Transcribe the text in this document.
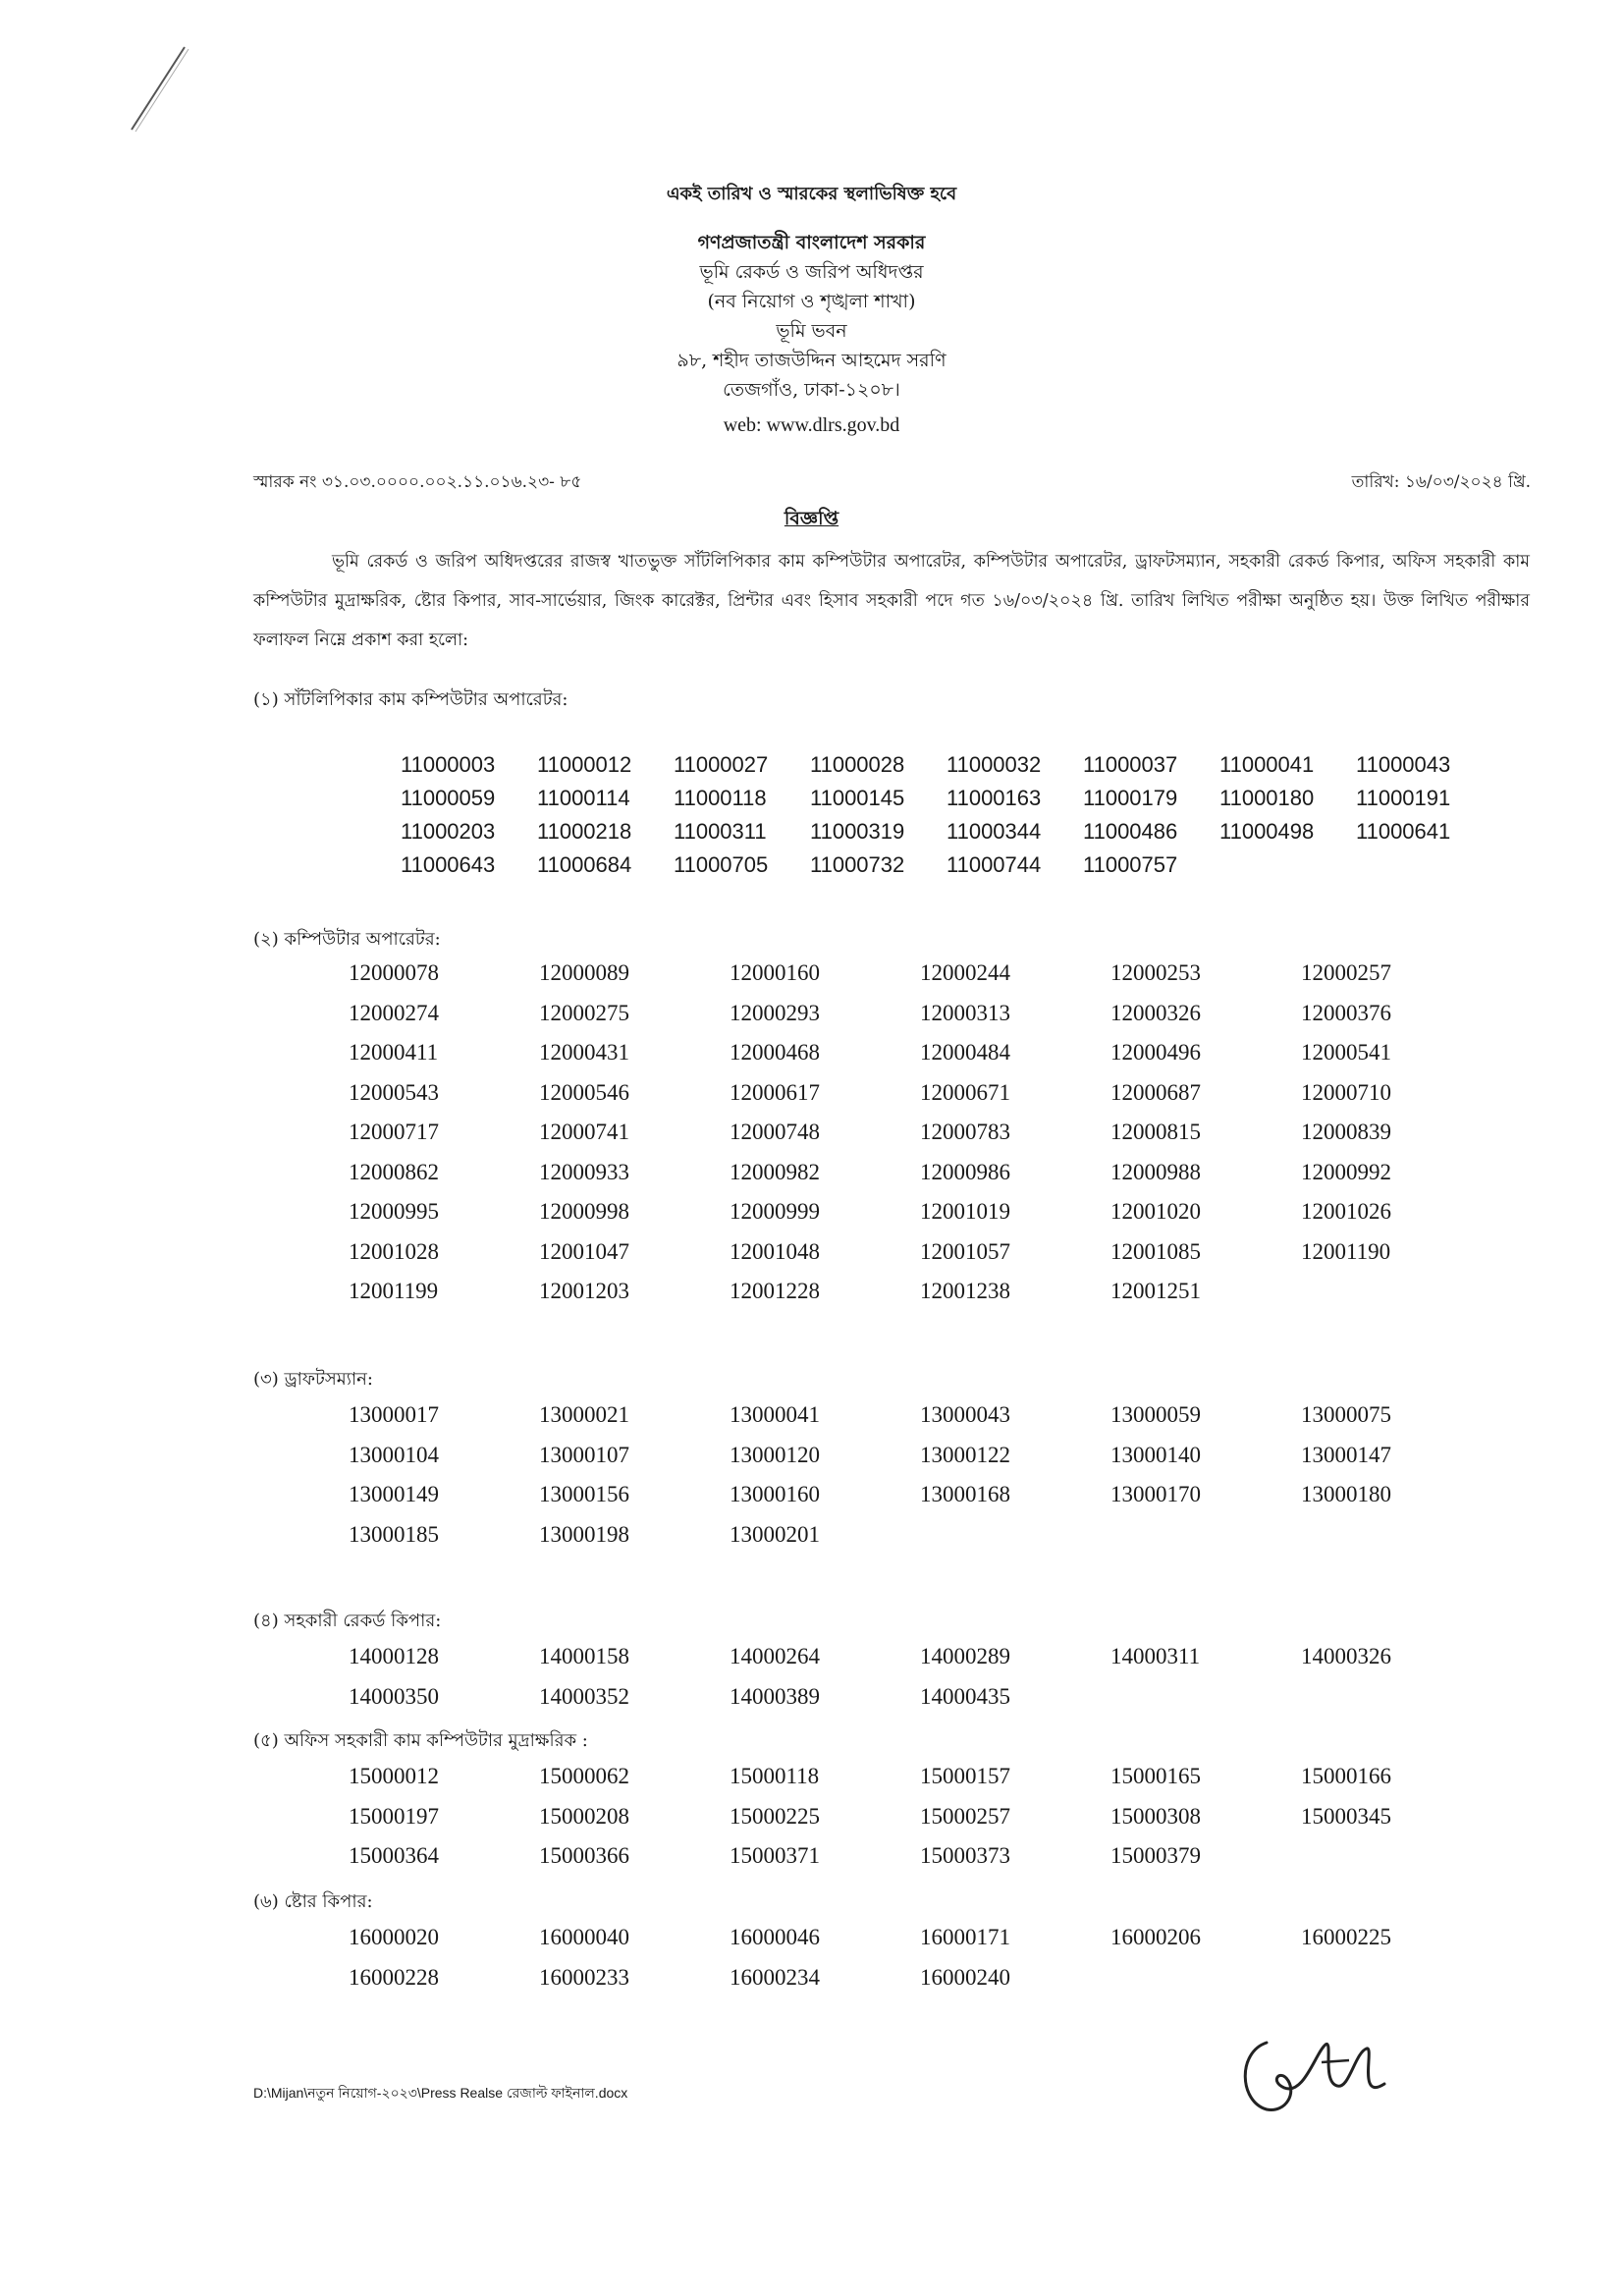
একই তারিখ ও স্মারকের স্থলাভিষিক্ত হবে
গণপ্রজাতন্ত্রী বাংলাদেশ সরকার
ভূমি রেকর্ড ও জরিপ অধিদপ্তর
(নব নিয়োগ ও শৃঙ্খলা শাখা)
ভূমি ভবন
৯৮, শহীদ তাজউদ্দিন আহমেদ সরণি
তেজগাঁও, ঢাকা-১২০৮।
web: www.dlrs.gov.bd
স্মারক নং ৩১.০৩.০০০০.০০২.১১.০১৬.২৩- ৮৫	তারিখ: ১৬/০৩/২০২৪ খ্রি.
বিজ্ঞপ্তি
ভূমি রেকর্ড ও জরিপ অধিদপ্তরের রাজস্ব খাতভুক্ত সাঁটলিপিকার কাম কম্পিউটার অপারেটর, কম্পিউটার অপারেটর, ড্রাফটসম্যান, সহকারী রেকর্ড কিপার, অফিস সহকারী কাম কম্পিউটার মুদ্রাক্ষরিক, ষ্টোর কিপার, সাব-সার্ভেয়ার, জিংক কারেক্টর, প্রিন্টার এবং হিসাব সহকারী পদে গত ১৬/০৩/২০২৪ খ্রি. তারিখ লিখিত পরীক্ষা অনুষ্ঠিত হয়। উক্ত লিখিত পরীক্ষার ফলাফল নিম্নে প্রকাশ করা হলো:
(১) সাঁটলিপিকার কাম কম্পিউটার অপারেটর:
11000003	11000012	11000027	11000028	11000032	11000037	11000041	11000043
11000059	11000114	11000118	11000145	11000163	11000179	11000180	11000191
11000203	11000218	11000311	11000319	11000344	11000486	11000498	11000641
11000643	11000684	11000705	11000732	11000744	11000757
(২) কম্পিউটার অপারেটর:
12000078	12000089	12000160	12000244	12000253	12000257
12000274	12000275	12000293	12000313	12000326	12000376
12000411	12000431	12000468	12000484	12000496	12000541
12000543	12000546	12000617	12000671	12000687	12000710
12000717	12000741	12000748	12000783	12000815	12000839
12000862	12000933	12000982	12000986	12000988	12000992
12000995	12000998	12000999	12001019	12001020	12001026
12001028	12001047	12001048	12001057	12001085	12001190
12001199	12001203	12001228	12001238	12001251
(৩) ড্রাফটসম্যান:
13000017	13000021	13000041	13000043	13000059	13000075
13000104	13000107	13000120	13000122	13000140	13000147
13000149	13000156	13000160	13000168	13000170	13000180
13000185	13000198	13000201
(৪) সহকারী রেকর্ড কিপার:
14000128	14000158	14000264	14000289	14000311	14000326
14000350	14000352	14000389	14000435
(৫) অফিস সহকারী কাম কম্পিউটার মুদ্রাক্ষরিক :
15000012	15000062	15000118	15000157	15000165	15000166
15000197	15000208	15000225	15000257	15000308	15000345
15000364	15000366	15000371	15000373	15000379
(৬) ষ্টোর কিপার:
16000020	16000040	16000046	16000171	16000206	16000225
16000228	16000233	16000234	16000240
D:\Mijan\নতুন নিয়োগ-২০২৩\Press Realse রেজাল্ট ফাইনাল.docx
